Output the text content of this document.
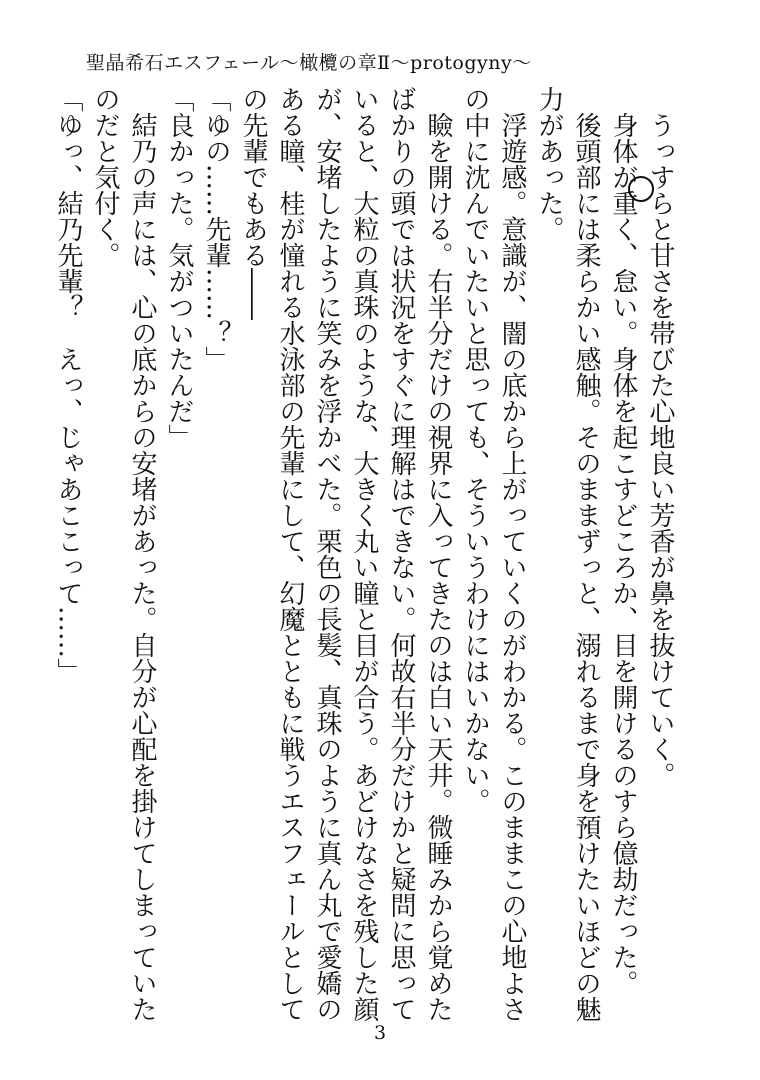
聖晶希石エスフェール〜橄欖の章Ⅱ〜protogyny〜

　うっすらと甘さを帯びた心地良い芳香が鼻を抜けていく。

　身体が重く、怠い。身体を起こすどころか、目を開けるのすら億劫だった。

　後頭部には柔らかい感触。そのままずっと、溺れるまで身を預けたいほどの魅力があった。

　浮遊感。意識が、闇の底から上がっていくのがわかる。このままこの心地よさの中に沈んでいたいと思っても、そういうわけにはいかない。

　瞼を開ける。右半分だけの視界に入ってきたのは白い天井。微睡みから覚めたばかりの頭では状況をすぐに理解はできない。何故右半分だけかと疑問に思っていると、大粒の真珠のような、大きく丸い瞳と目が合う。あどけなさを残した顔が、安堵したように笑みを浮かべた。栗色の長髪、真珠のように真ん丸で愛嬌のある瞳、桂が憧れる水泳部の先輩にして、幻魔とともに戦うエスフェールとしての先輩でもある――

「ゆの……先輩……？」

「良かった。気がついたんだ」

　結乃の声には、心の底からの安堵があった。自分が心配を掛けてしまっていたのだと気付く。

「ゆっ、結乃先輩？　えっ、じゃあここって……」

3
